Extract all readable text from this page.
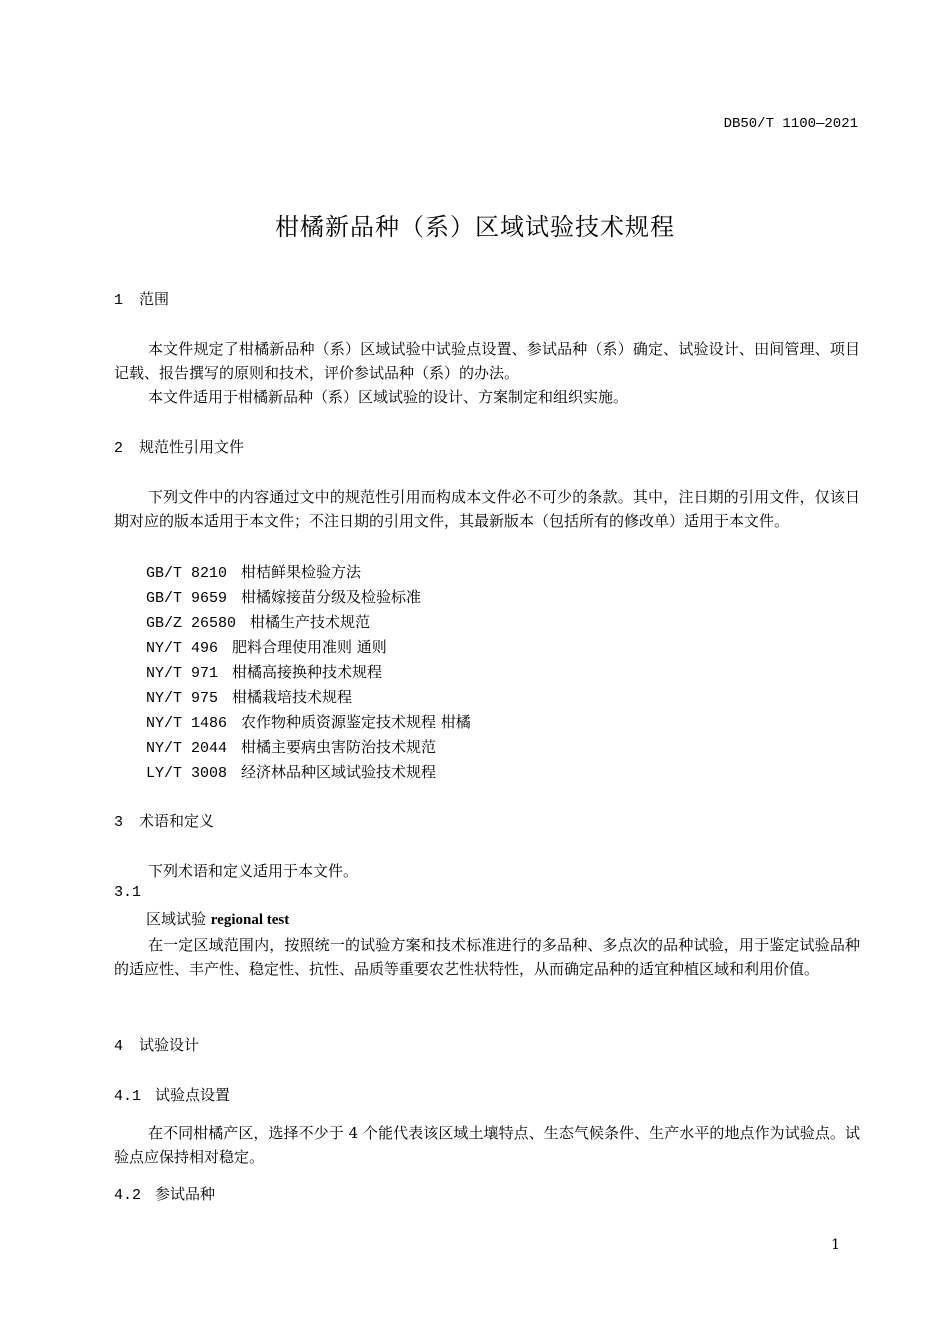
DB50/T 1100—2021
柑橘新品种（系）区域试验技术规程
1 范围

本文件规定了柑橘新品种（系）区域试验中试验点设置、参试品种（系）确定、试验设计、田间管理、项目记载、报告撰写的原则和技术，评价参试品种（系）的办法。

本文件适用于柑橘新品种（系）区域试验的设计、方案制定和组织实施。

2 规范性引用文件

下列文件中的内容通过文中的规范性引用而构成本文件必不可少的条款。其中，注日期的引用文件，仅该日期对应的版本适用于本文件；不注日期的引用文件，其最新版本（包括所有的修改单）适用于本文件。

GB/T 8210 柑桔鲜果检验方法
GB/T 9659 柑橘嫁接苗分级及检验标准
GB/Z 26580 柑橘生产技术规范
NY/T 496 肥料合理使用准则 通则
NY/T 971 柑橘高接换种技术规程
NY/T 975 柑橘栽培技术规程
NY/T 1486 农作物种质资源鉴定技术规程 柑橘
NY/T 2044 柑橘主要病虫害防治技术规范
LY/T 3008 经济林品种区域试验技术规程
3 术语和定义

下列术语和定义适用于本文件。

3.1
区域试验 regional test

在一定区域范围内，按照统一的试验方案和技术标准进行的多品种、多点次的品种试验，用于鉴定试验品种的适应性、丰产性、稳定性、抗性、品质等重要农艺性状特性，从而确定品种的适宜种植区域和利用价值。

4 试验设计
4.1 试验点设置

在不同柑橘产区，选择不少于 4 个能代表该区域土壤特点、生态气候条件、生产水平的地点作为试验点。试验点应保持相对稳定。

4.2 参试品种
1
